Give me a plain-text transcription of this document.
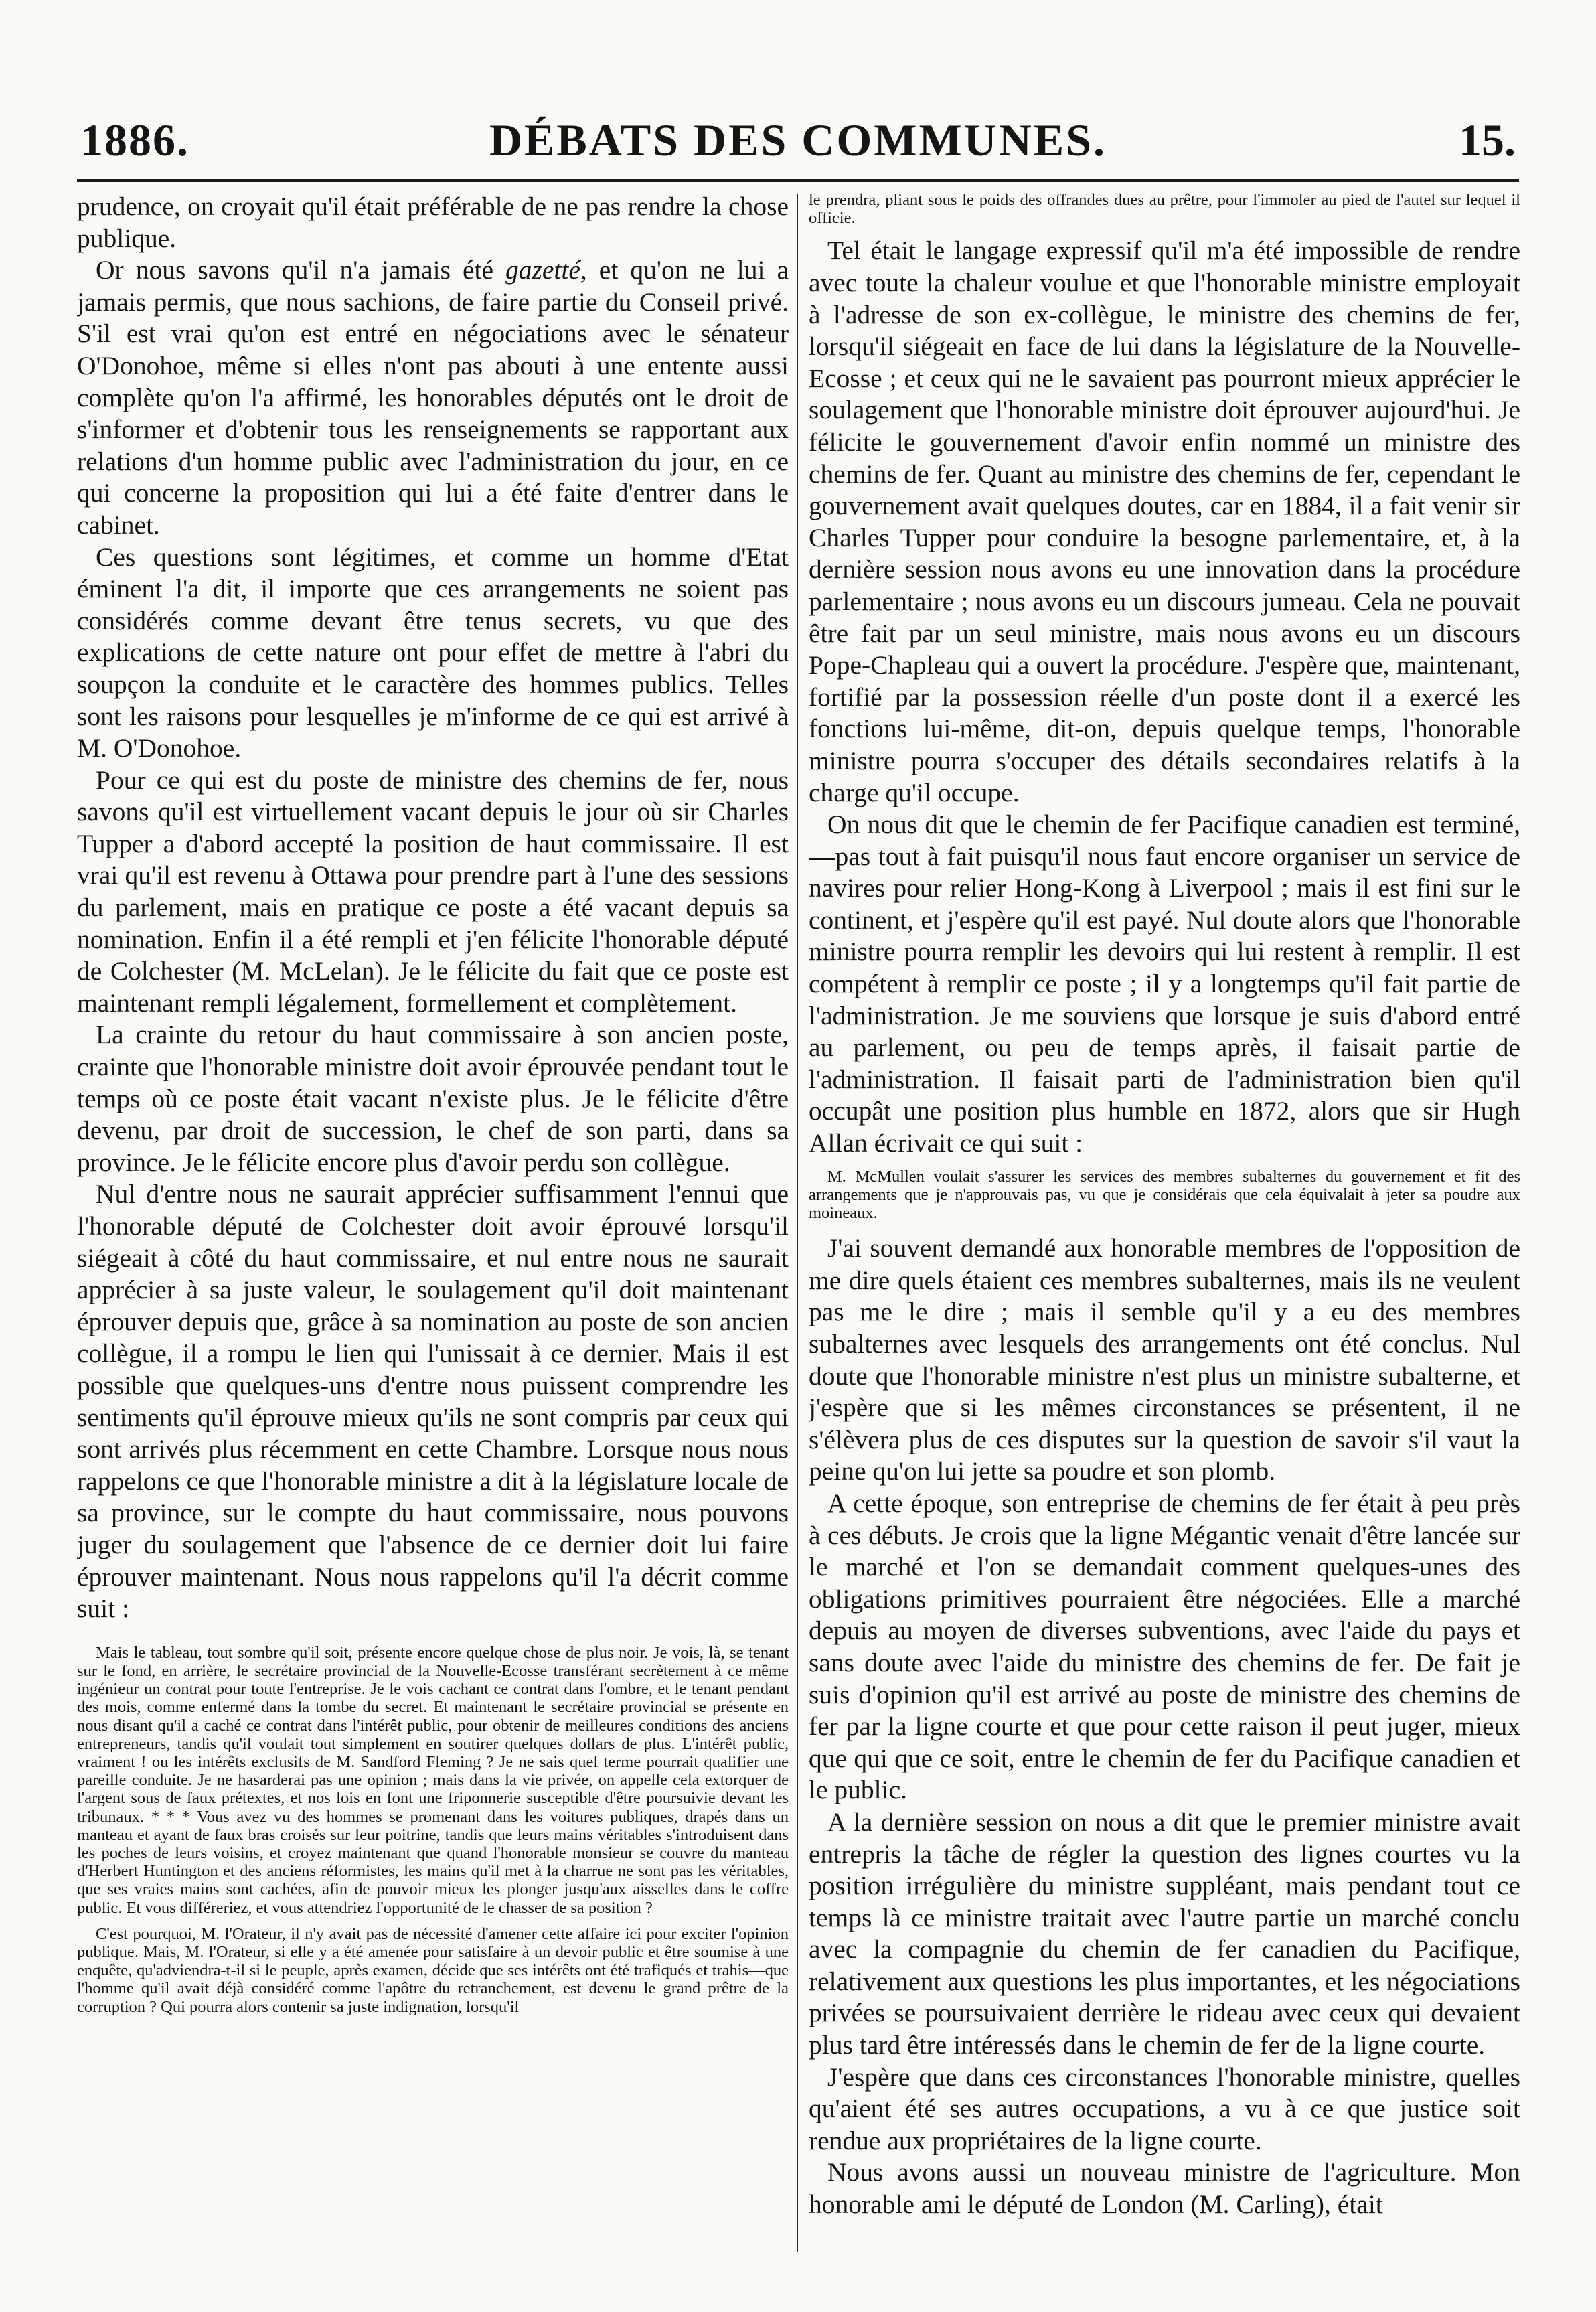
1886.	DÉBATS DES COMMUNES.	15.

prudence, on croyait qu'il était préférable de ne pas rendre la chose publique.

Or nous savons qu'il n'a jamais été gazetté, et qu'on ne lui a jamais permis, que nous sachions, de faire partie du Conseil privé. S'il est vrai qu'on est entré en négociations avec le sénateur O'Donohoe, même si elles n'ont pas abouti à une entente aussi complète qu'on l'a affirmé, les honorables députés ont le droit de s'informer et d'obtenir tous les renseignements se rapportant aux relations d'un homme public avec l'administration du jour, en ce qui concerne la proposition qui lui a été faite d'entrer dans le cabinet.

Ces questions sont légitimes, et comme un homme d'Etat éminent l'a dit, il importe que ces arrangements ne soient pas considérés comme devant être tenus secrets, vu que des explications de cette nature ont pour effet de mettre à l'abri du soupçon la conduite et le caractère des hommes publics. Telles sont les raisons pour lesquelles je m'informe de ce qui est arrivé à M. O'Donohoe.

Pour ce qui est du poste de ministre des chemins de fer, nous savons qu'il est virtuellement vacant depuis le jour où sir Charles Tupper a d'abord accepté la position de haut commissaire. Il est vrai qu'il est revenu à Ottawa pour prendre part à l'une des sessions du parlement, mais en pratique ce poste a été vacant depuis sa nomination. Enfin il a été rempli et j'en félicite l'honorable député de Colchester (M. McLelan). Je le félicite du fait que ce poste est maintenant rempli légalement, formellement et complètement.

La crainte du retour du haut commissaire à son ancien poste, crainte que l'honorable ministre doit avoir éprouvée pendant tout le temps où ce poste était vacant n'existe plus. Je le félicite d'être devenu, par droit de succession, le chef de son parti, dans sa province. Je le félicite encore plus d'avoir perdu son collègue.

Nul d'entre nous ne saurait apprécier suffisamment l'ennui que l'honorable député de Colchester doit avoir éprouvé lorsqu'il siégeait à côté du haut commissaire, et nul entre nous ne saurait apprécier à sa juste valeur, le soulagement qu'il doit maintenant éprouver depuis que, grâce à sa nomination au poste de son ancien collègue, il a rompu le lien qui l'unissait à ce dernier. Mais il est possible que quelques-uns d'entre nous puissent comprendre les sentiments qu'il éprouve mieux qu'ils ne sont compris par ceux qui sont arrivés plus récemment en cette Chambre. Lorsque nous nous rappelons ce que l'honorable ministre a dit à la législature locale de sa province, sur le compte du haut commissaire, nous pouvons juger du soulagement que l'absence de ce dernier doit lui faire éprouver maintenant. Nous nous rappelons qu'il l'a décrit comme suit :

Mais le tableau, tout sombre qu'il soit, présente encore quelque chose de plus noir. Je vois, là, se tenant sur le fond, en arrière, le secrétaire provincial de la Nouvelle-Ecosse transférant secrètement à ce même ingénieur un contrat pour toute l'entreprise. Je le vois cachant ce contrat dans l'ombre, et le tenant pendant des mois, comme enfermé dans la tombe du secret. Et maintenant le secrétaire provincial se présente en nous disant qu'il a caché ce contrat dans l'intérêt public, pour obtenir de meilleures conditions des anciens entrepreneurs, tandis qu'il voulait tout simplement en soutirer quelques dollars de plus. L'intérêt public, vraiment ! ou les intérêts exclusifs de M. Sandford Fleming ? Je ne sais quel terme pourrait qualifier une pareille conduite. Je ne hasarderai pas une opinion ; mais dans la vie privée, on appelle cela extorquer de l'argent sous de faux prétextes, et nos lois en font une friponnerie susceptible d'être poursuivie devant les tribunaux. * * * Vous avez vu des hommes se promenant dans les voitures publiques, drapés dans un manteau et ayant de faux bras croisés sur leur poitrine, tandis que leurs mains véritables s'introduisent dans les poches de leurs voisins, et croyez maintenant que quand l'honorable monsieur se couvre du manteau d'Herbert Huntington et des anciens réformistes, les mains qu'il met à la charrue ne sont pas les véritables, que ses vraies mains sont cachées, afin de pouvoir mieux les plonger jusqu'aux aisselles dans le coffre public. Et vous différeriez, et vous attendriez l'opportunité de le chasser de sa position ?

C'est pourquoi, M. l'Orateur, il n'y avait pas de nécessité d'amener cette affaire ici pour exciter l'opinion publique. Mais, M. l'Orateur, si elle y a été amenée pour satisfaire à un devoir public et être soumise à une enquête, qu'adviendra-t-il si le peuple, après examen, décide que ses intérêts ont été trafiqués et trahis—que l'homme qu'il avait déjà considéré comme l'apôtre du retranchement, est devenu le grand prêtre de la corruption ? Qui pourra alors contenir sa juste indignation, lorsqu'il

le prendra, pliant sous le poids des offrandes dues au prêtre, pour l'immoler au pied de l'autel sur lequel il officie.

Tel était le langage expressif qu'il m'a été impossible de rendre avec toute la chaleur voulue et que l'honorable ministre employait à l'adresse de son ex-collègue, le ministre des chemins de fer, lorsqu'il siégeait en face de lui dans la législature de la Nouvelle-Ecosse ; et ceux qui ne le savaient pas pourront mieux apprécier le soulagement que l'honorable ministre doit éprouver aujourd'hui. Je félicite le gouvernement d'avoir enfin nommé un ministre des chemins de fer. Quant au ministre des chemins de fer, cependant le gouvernement avait quelques doutes, car en 1884, il a fait venir sir Charles Tupper pour conduire la besogne parlementaire, et, à la dernière session nous avons eu une innovation dans la procédure parlementaire ; nous avons eu un discours jumeau. Cela ne pouvait être fait par un seul ministre, mais nous avons eu un discours Pope-Chapleau qui a ouvert la procédure. J'espère que, maintenant, fortifié par la possession réelle d'un poste dont il a exercé les fonctions lui-même, dit-on, depuis quelque temps, l'honorable ministre pourra s'occuper des détails secondaires relatifs à la charge qu'il occupe.

On nous dit que le chemin de fer Pacifique canadien est terminé,—pas tout à fait puisqu'il nous faut encore organiser un service de navires pour relier Hong-Kong à Liverpool ; mais il est fini sur le continent, et j'espère qu'il est payé. Nul doute alors que l'honorable ministre pourra remplir les devoirs qui lui restent à remplir. Il est compétent à remplir ce poste ; il y a longtemps qu'il fait partie de l'administration. Je me souviens que lorsque je suis d'abord entré au parlement, ou peu de temps après, il faisait partie de l'administration. Il faisait parti de l'administration bien qu'il occupât une position plus humble en 1872, alors que sir Hugh Allan écrivait ce qui suit :

M. McMullen voulait s'assurer les services des membres subalternes du gouvernement et fit des arrangements que je n'approuvais pas, vu que je considérais que cela équivalait à jeter sa poudre aux moineaux.

J'ai souvent demandé aux honorable membres de l'opposition de me dire quels étaient ces membres subalternes, mais ils ne veulent pas me le dire ; mais il semble qu'il y a eu des membres subalternes avec lesquels des arrangements ont été conclus. Nul doute que l'honorable ministre n'est plus un ministre subalterne, et j'espère que si les mêmes circonstances se présentent, il ne s'élèvera plus de ces disputes sur la question de savoir s'il vaut la peine qu'on lui jette sa poudre et son plomb.

A cette époque, son entreprise de chemins de fer était à peu près à ces débuts. Je crois que la ligne Mégantic venait d'être lancée sur le marché et l'on se demandait comment quelques-unes des obligations primitives pourraient être négociées. Elle a marché depuis au moyen de diverses subventions, avec l'aide du pays et sans doute avec l'aide du ministre des chemins de fer. De fait je suis d'opinion qu'il est arrivé au poste de ministre des chemins de fer par la ligne courte et que pour cette raison il peut juger, mieux que qui que ce soit, entre le chemin de fer du Pacifique canadien et le public.

A la dernière session on nous a dit que le premier ministre avait entrepris la tâche de régler la question des lignes courtes vu la position irrégulière du ministre suppléant, mais pendant tout ce temps là ce ministre traitait avec l'autre partie un marché conclu avec la compagnie du chemin de fer canadien du Pacifique, relativement aux questions les plus importantes, et les négociations privées se poursuivaient derrière le rideau avec ceux qui devaient plus tard être intéressés dans le chemin de fer de la ligne courte.

J'espère que dans ces circonstances l'honorable ministre, quelles qu'aient été ses autres occupations, a vu à ce que justice soit rendue aux propriétaires de la ligne courte.

Nous avons aussi un nouveau ministre de l'agriculture. Mon honorable ami le député de London (M. Carling), était
